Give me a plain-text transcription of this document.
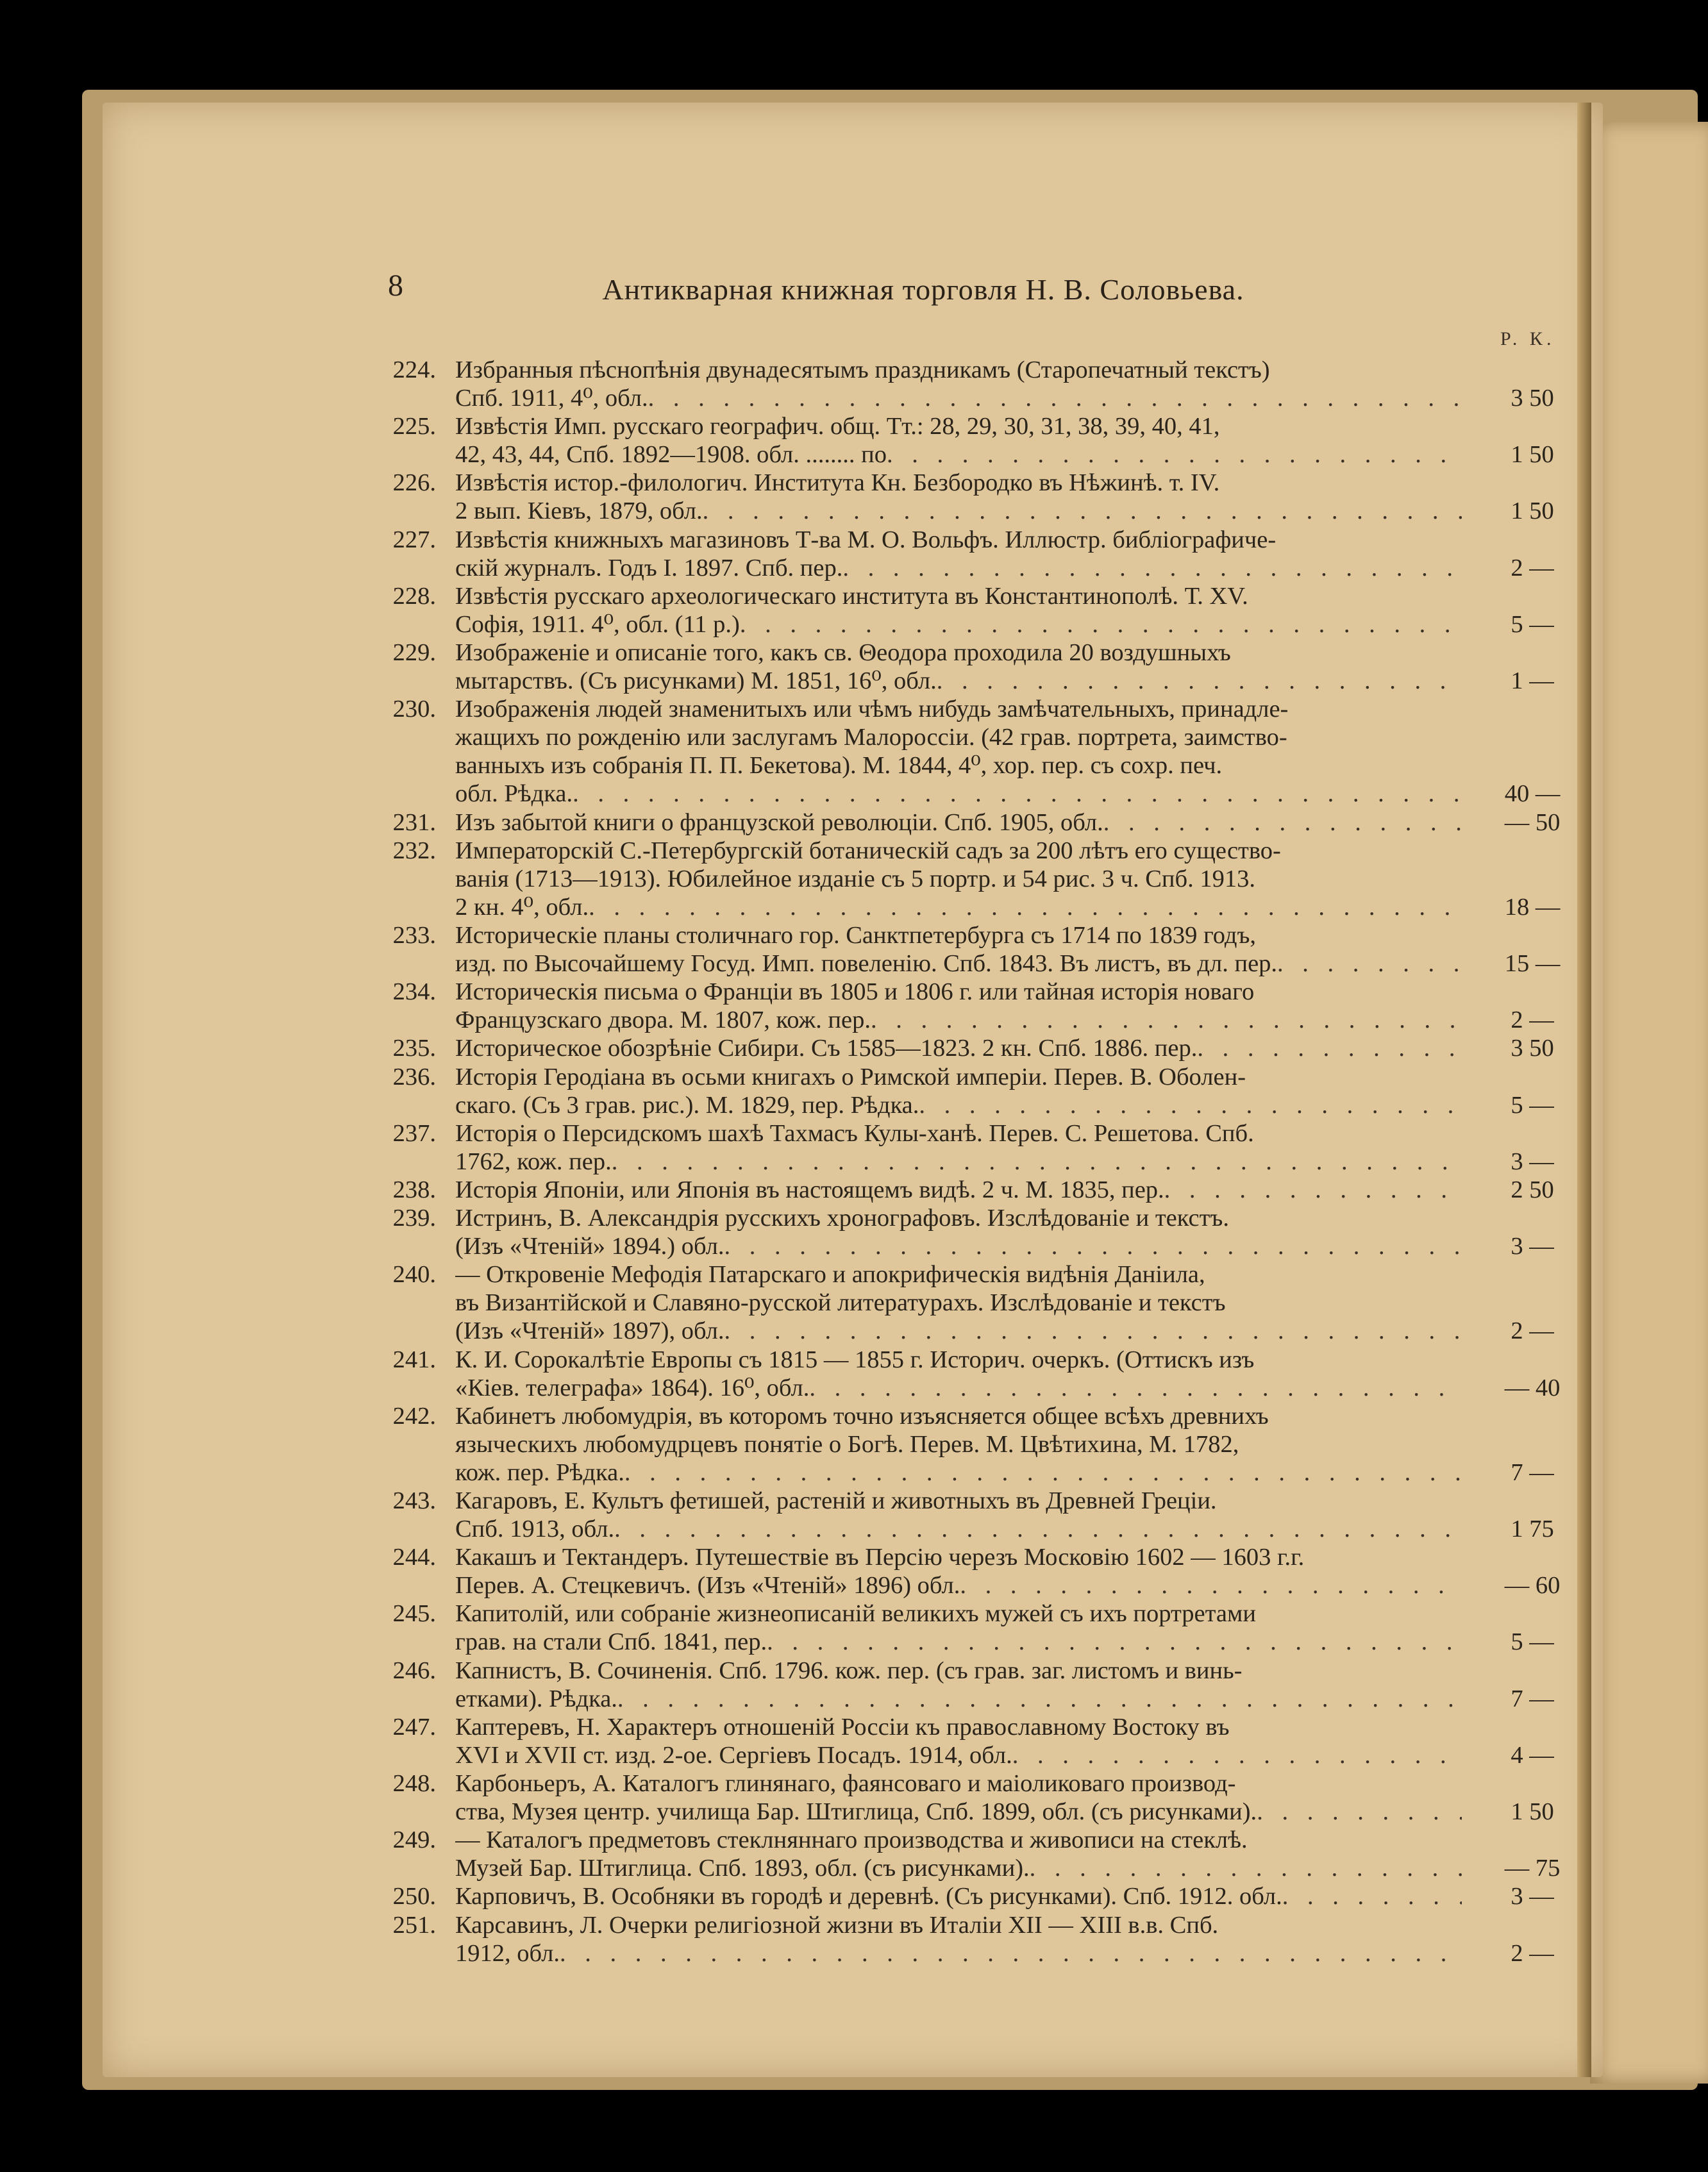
8	Антикварная книжная торговля Н. В. Соловьева.
Р. К.
224. Избранныя пѣснопѣнія двунадесятымъ праздникамъ (Старопечатный текстъ)
Спб. 1911, 4⁰, обл. . . .	3 50
225. Извѣстія Имп. русскаго географич. общ. Тт.: 28, 29, 30, 31, 38, 39, 40, 41,
42, 43, 44, Спб. 1892—1908. обл. ........ по . . .	1 50
226. Извѣстія истор.-филологич. Института Кн. Безбородко въ Нѣжинѣ. т. IV.
2 вып. Кіевъ, 1879, обл. . . .	1 50
227. Извѣстія книжныхъ магазиновъ Т-ва М. О. Вольфъ. Иллюстр. библіографиче-
скій журналъ. Годъ I. 1897. Спб. пер. . . .	2 —
228. Извѣстія русскаго археологическаго института въ Константинополѣ. Т. XV.
Софія, 1911. 4⁰, обл. (11 р.) . . .	5 —
229. Изображеніе и описаніе того, какъ св. Θеодора проходила 20 воздушныхъ
мытарствъ. (Съ рисунками) М. 1851, 16⁰, обл. . . .	1 —
230. Изображенія людей знаменитыхъ или чѣмъ нибудь замѣчательныхъ, принадле-
жащихъ по рожденію или заслугамъ Малороссіи. (42 грав. портрета, заимство-
ванныхъ изъ собранія П. П. Бекетова). М. 1844, 4⁰, хор. пер. съ сохр. печ.
обл. Рѣдка. . . .	40 —
231. Изъ забытой книги о французской революціи. Спб. 1905, обл. . . .	— 50
232. Императорскій С.-Петербургскій ботаническій садъ за 200 лѣтъ его существо-
ванія (1713—1913). Юбилейное изданіе съ 5 портр. и 54 рис. 3 ч. Спб. 1913.
2 кн. 4⁰, обл. . . .	18 —
233. Историческіе планы столичнаго гор. Санктпетербурга съ 1714 по 1839 годъ,
изд. по Высочайшему Госуд. Имп. повеленію. Спб. 1843. Въ листъ, въ дл. пер. . . .	15 —
234. Историческія письма о Франціи въ 1805 и 1806 г. или тайная исторія новаго
Французскаго двора. М. 1807, кож. пер. . . .	2 —
235. Историческое обозрѣніе Сибири. Съ 1585—1823. 2 кн. Спб. 1886. пер. . . .	3 50
236. Исторія Геродіана въ осьми книгахъ о Римской имперіи. Перев. В. Оболен-
скаго. (Съ 3 грав. рис.). М. 1829, пер. Рѣдка. . . .	5 —
237. Исторія о Персидскомъ шахѣ Тахмасъ Кулы-ханѣ. Перев. С. Решетова. Спб.
1762, кож. пер. . . .	3 —
238. Исторія Японіи, или Японія въ настоящемъ видѣ. 2 ч. М. 1835, пер. . . .	2 50
239. Истринъ, В. Александрія русскихъ хронографовъ. Изслѣдованіе и текстъ.
(Изъ «Чтеній» 1894.) обл. . . .	3 —
240. — Откровеніе Мефодія Патарскаго и апокрифическія видѣнія Даніила,
въ Византійской и Славяно-русской литературахъ. Изслѣдованіе и текстъ
(Изъ «Чтеній» 1897), обл. . . .	2 —
241. К. И. Сорокалѣтіе Европы съ 1815 — 1855 г. Историч. очеркъ. (Оттискъ изъ
«Кіев. телеграфа» 1864). 16⁰, обл. . . .	— 40
242. Кабинетъ любомудрія, въ которомъ точно изъясняется общее всѣхъ древнихъ
языческихъ любомудрцевъ понятіе о Богѣ. Перев. М. Цвѣтихина, М. 1782,
кож. пер. Рѣдка. . . .	7 —
243. Кагаровъ, Е. Культъ фетишей, растеній и животныхъ въ Древней Греціи.
Спб. 1913, обл. . . .	1 75
244. Какашъ и Тектандеръ. Путешествіе въ Персію черезъ Московію 1602 — 1603 г.г.
Перев. А. Стецкевичъ. (Изъ «Чтеній» 1896) обл. . . .	— 60
245. Капитолій, или собраніе жизнеописаній великихъ мужей съ ихъ портретами
грав. на стали Спб. 1841, пер. . . .	5 —
246. Капнистъ, В. Сочиненія. Спб. 1796. кож. пер. (съ грав. заг. листомъ и винь-
етками). Рѣдка. . . .	7 —
247. Каптеревъ, Н. Характеръ отношеній Россіи къ православному Востоку въ
XVI и XVII ст. изд. 2-ое. Сергіевъ Посадъ. 1914, обл. . . .	4 —
248. Карбоньеръ, А. Каталогъ глинянаго, фаянсоваго и маіоликоваго производ-
ства, Музея центр. училища Бар. Штиглица, Спб. 1899, обл. (съ рисунками). . . .	1 50
249. — Каталогъ предметовъ стеклняннаго производства и живописи на стеклѣ.
Музей Бар. Штиглица. Спб. 1893, обл. (съ рисунками). . . .	— 75
250. Карповичъ, В. Особняки въ городѣ и деревнѣ. (Съ рисунками). Спб. 1912. обл. . . .	3 —
251. Карсавинъ, Л. Очерки религіозной жизни въ Италіи XII — XIII в.в. Спб.
1912, обл. . . .	2 —
